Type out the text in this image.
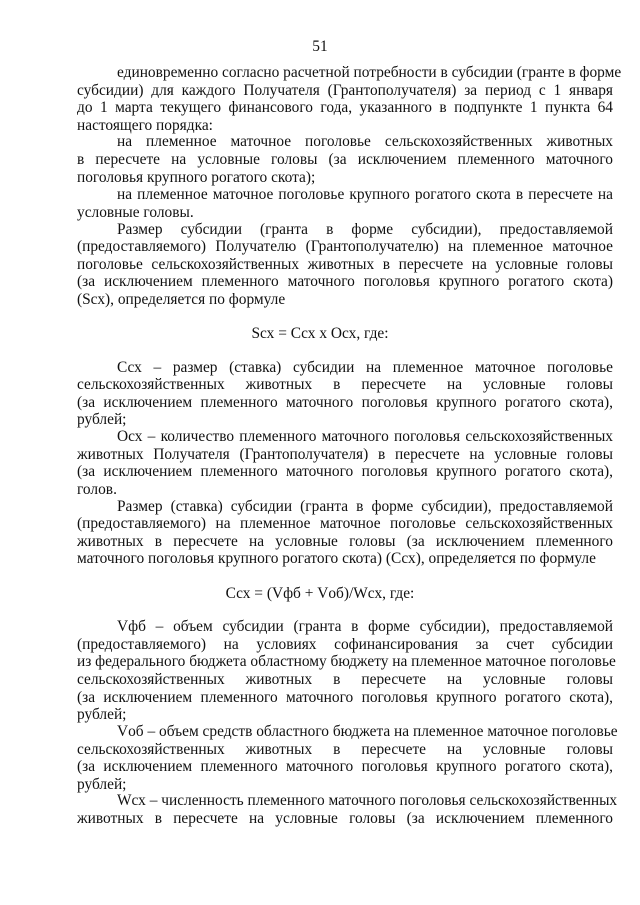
51
единовременно согласно расчетной потребности в субсидии (гранте в форме
субсидии) для каждого Получателя (Грантополучателя) за период с 1 января
до 1 марта текущего финансового года, указанного в подпункте 1 пункта 64
настоящего порядка:
на племенное маточное поголовье сельскохозяйственных животных
в пересчете на условные головы (за исключением племенного маточного
поголовья крупного рогатого скота);
на племенное маточное поголовье крупного рогатого скота в пересчете на
условные головы.
Размер субсидии (гранта в форме субсидии), предоставляемой
(предоставляемого) Получателю (Грантополучателю) на племенное маточное
поголовье сельскохозяйственных животных в пересчете на условные головы
(за исключением племенного маточного поголовья крупного рогатого скота)
(Sсх), определяется по формуле
Sсх = Ссх х Осх, где:
Ссх – размер (ставка) субсидии на племенное маточное поголовье
сельскохозяйственных животных в пересчете на условные головы
(за исключением племенного маточного поголовья крупного рогатого скота),
рублей;
Осх – количество племенного маточного поголовья сельскохозяйственных
животных Получателя (Грантополучателя) в пересчете на условные головы
(за исключением племенного маточного поголовья крупного рогатого скота),
голов.
Размер (ставка) субсидии (гранта в форме субсидии), предоставляемой
(предоставляемого) на племенное маточное поголовье сельскохозяйственных
животных в пересчете на условные головы (за исключением племенного
маточного поголовья крупного рогатого скота) (Ссх), определяется по формуле
Ссх = (Vфб + Vоб)/Wсх, где:
Vфб – объем субсидии (гранта в форме субсидии), предоставляемой
(предоставляемого) на условиях софинансирования за счет субсидии
из федерального бюджета областному бюджету на племенное маточное поголовье
сельскохозяйственных животных в пересчете на условные головы
(за исключением племенного маточного поголовья крупного рогатого скота),
рублей;
Vоб – объем средств областного бюджета на племенное маточное поголовье
сельскохозяйственных животных в пересчете на условные головы
(за исключением племенного маточного поголовья крупного рогатого скота),
рублей;
Wсх – численность племенного маточного поголовья сельскохозяйственных
животных в пересчете на условные головы (за исключением племенного
